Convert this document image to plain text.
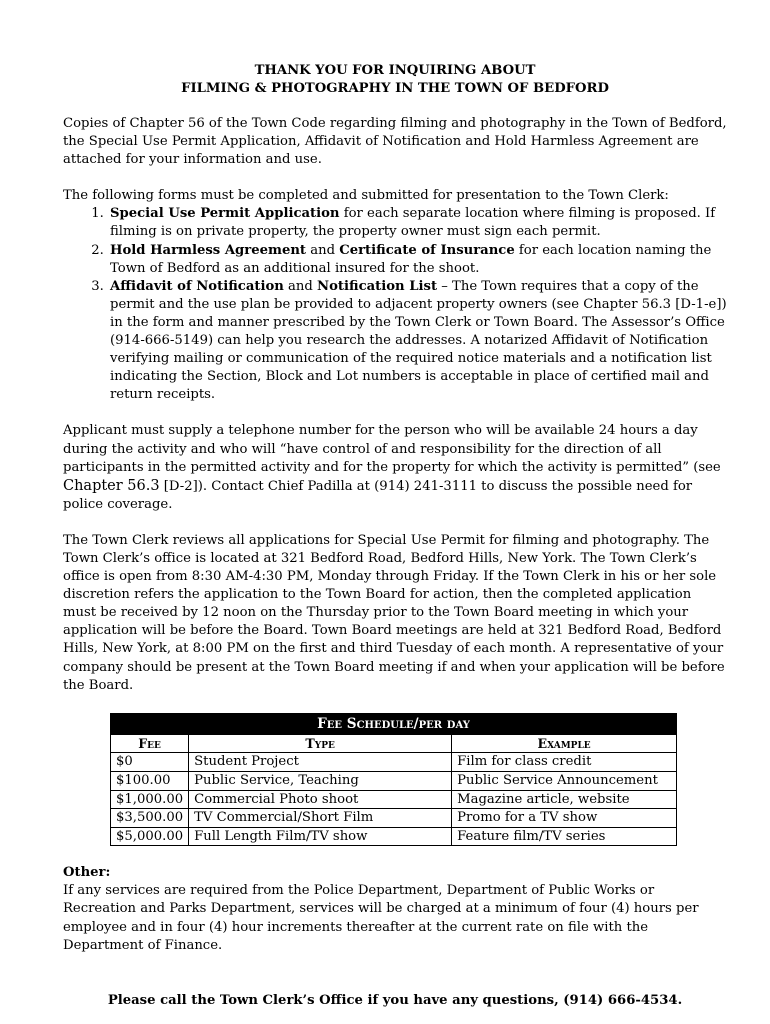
THANK YOU FOR INQUIRING ABOUT
FILMING & PHOTOGRAPHY IN THE TOWN OF BEDFORD

Copies of Chapter 56 of the Town Code regarding filming and photography in the Town of Bedford, the Special Use Permit Application, Affidavit of Notification and Hold Harmless Agreement are attached for your information and use.

The following forms must be completed and submitted for presentation to the Town Clerk:

1. Special Use Permit Application for each separate location where filming is proposed. If filming is on private property, the property owner must sign each permit.
2. Hold Harmless Agreement and Certificate of Insurance for each location naming the Town of Bedford as an additional insured for the shoot.
3. Affidavit of Notification and Notification List – The Town requires that a copy of the permit and the use plan be provided to adjacent property owners (see Chapter 56.3 [D-1-e]) in the form and manner prescribed by the Town Clerk or Town Board. The Assessor’s Office (914-666-5149) can help you research the addresses. A notarized Affidavit of Notification verifying mailing or communication of the required notice materials and a notification list indicating the Section, Block and Lot numbers is acceptable in place of certified mail and return receipts.

Applicant must supply a telephone number for the person who will be available 24 hours a day during the activity and who will “have control of and responsibility for the direction of all participants in the permitted activity and for the property for which the activity is permitted” (see Chapter 56.3 [D-2]). Contact Chief Padilla at (914) 241-3111 to discuss the possible need for police coverage.

The Town Clerk reviews all applications for Special Use Permit for filming and photography. The Town Clerk’s office is located at 321 Bedford Road, Bedford Hills, New York. The Town Clerk’s office is open from 8:30 AM-4:30 PM, Monday through Friday. If the Town Clerk in his or her sole discretion refers the application to the Town Board for action, then the completed application must be received by 12 noon on the Thursday prior to the Town Board meeting in which your application will be before the Board. Town Board meetings are held at 321 Bedford Road, Bedford Hills, New York, at 8:00 PM on the first and third Tuesday of each month. A representative of your company should be present at the Town Board meeting if and when your application will be before the Board.

Fee Schedule/per day		
Fee	Type	Example
$0	Student Project	Film for class credit
$100.00	Public Service, Teaching	Public Service Announcement
$1,000.00	Commercial Photo shoot	Magazine article, website
$3,500.00	TV Commercial/Short Film	Promo for a TV show
$5,000.00	Full Length Film/TV show	Feature film/TV series

Other:

If any services are required from the Police Department, Department of Public Works or Recreation and Parks Department, services will be charged at a minimum of four (4) hours per employee and in four (4) hour increments thereafter at the current rate on file with the Department of Finance.

Please call the Town Clerk’s Office if you have any questions, (914) 666-4534.
